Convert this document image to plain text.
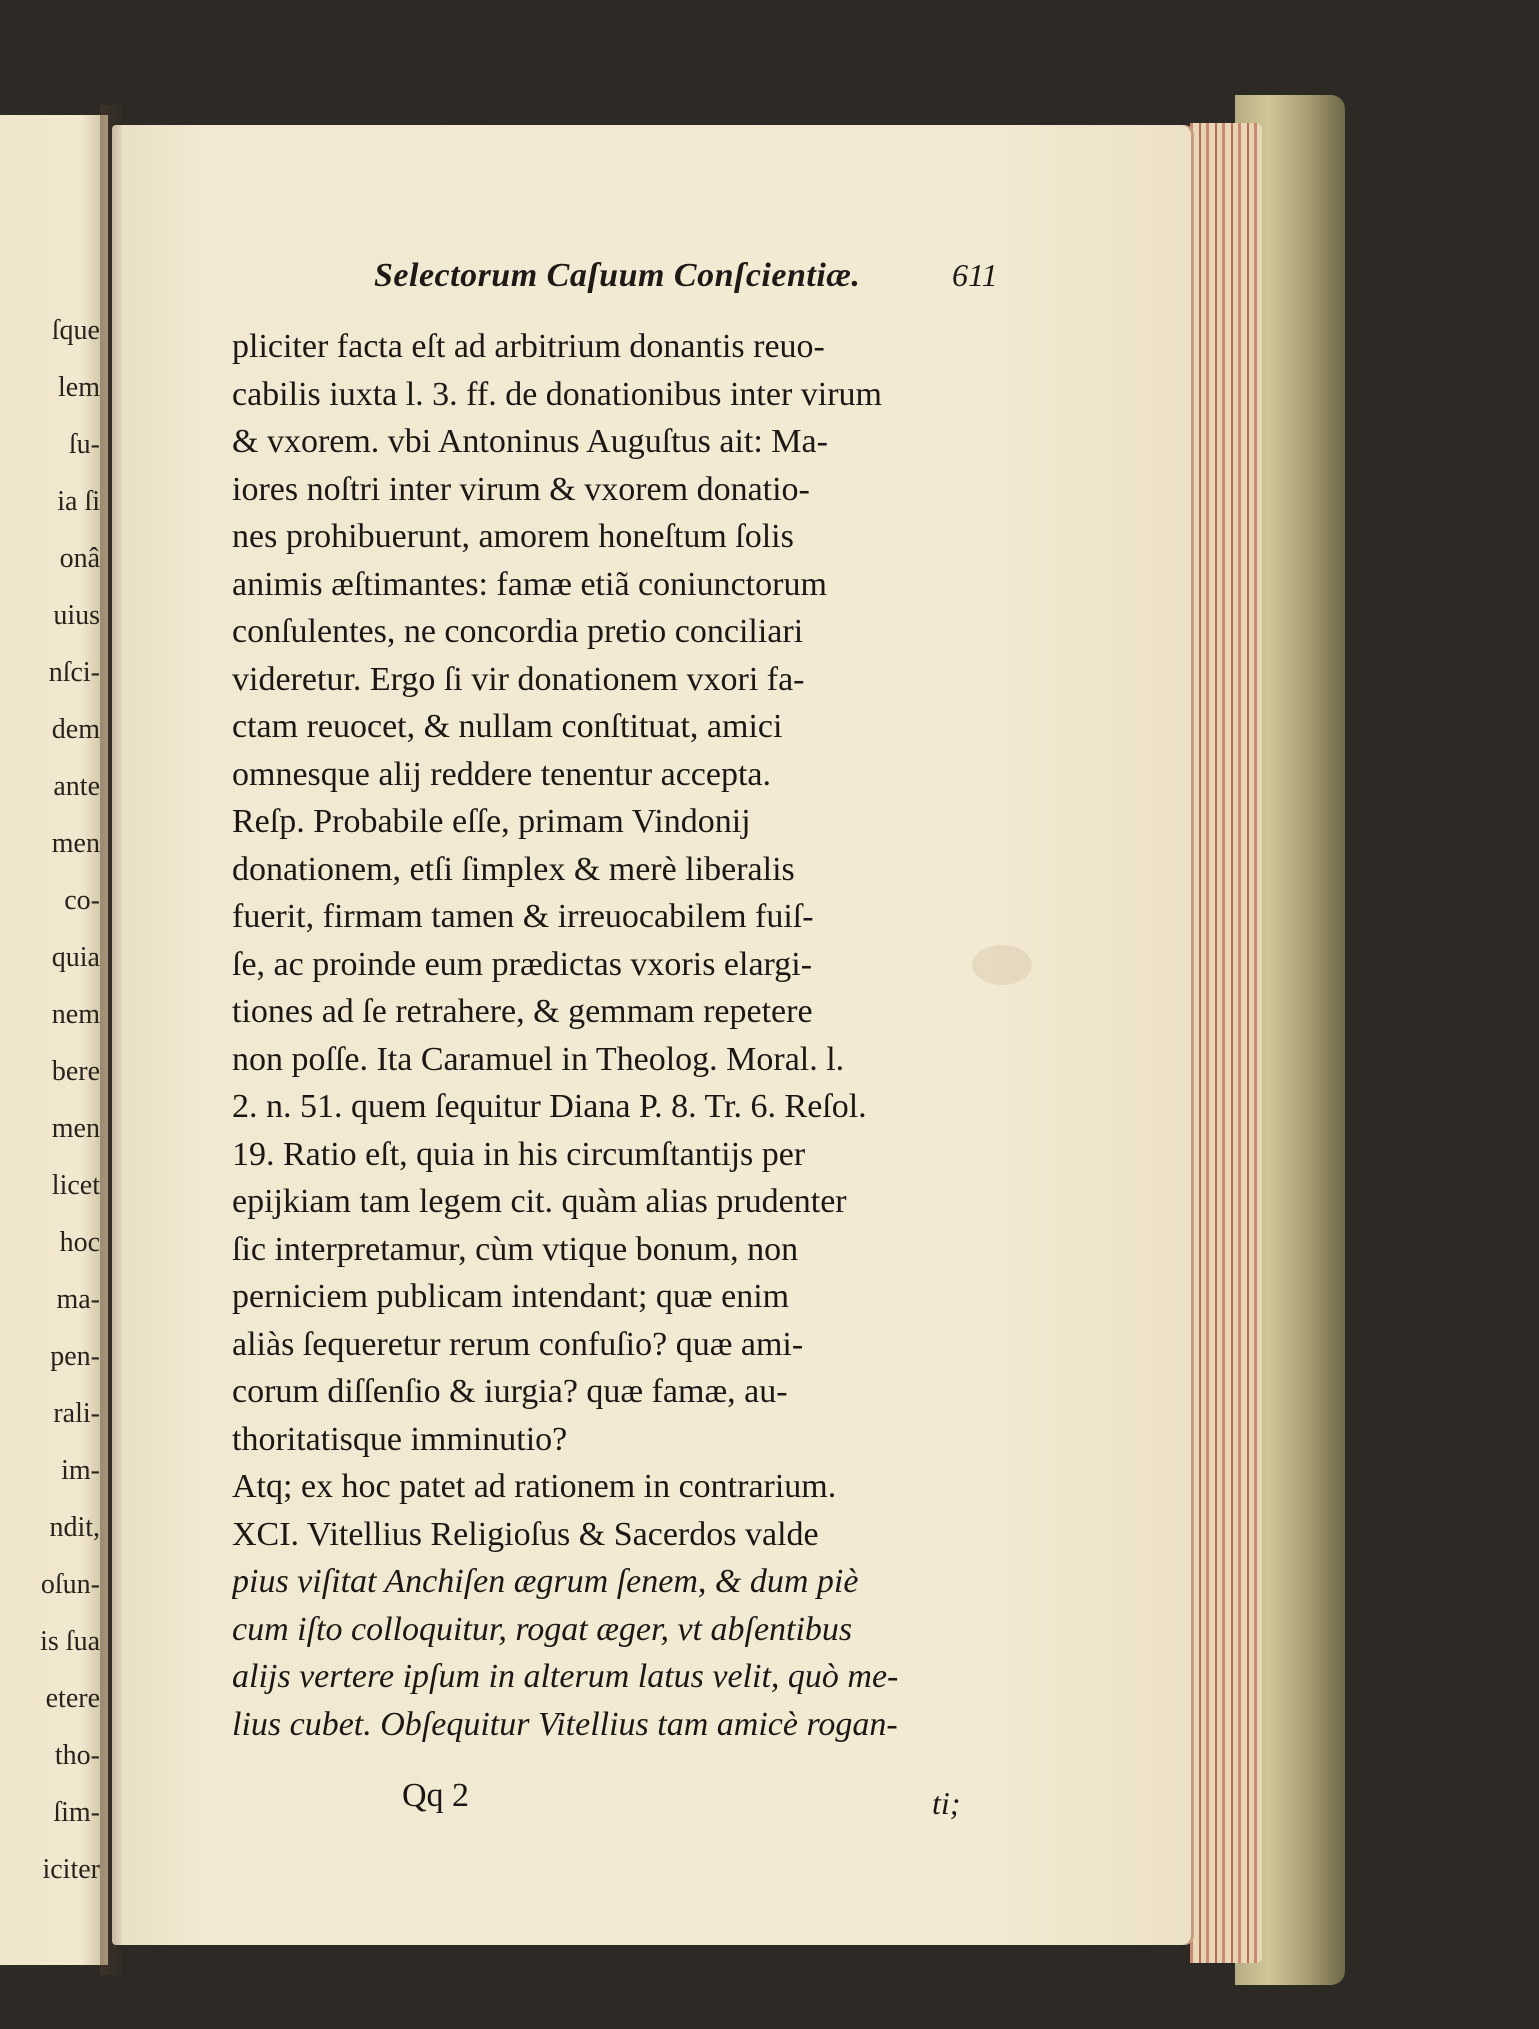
ſque
lem
ſu-
ia ſi
onâ
uius
nſci-
dem
ante
men
co-
quia
nem
bere
men
licet
hoc
ma-
pen-
rali-
im-
ndit,
oſun-
is ſua
etere
tho-
ſim-
iciter
Selectorum Caſuum Conſcientiæ.	611
pliciter facta eſt ad arbitrium donantis reuo-
cabilis iuxta l. 3. ff. de donationibus inter virum
& vxorem. vbi Antoninus Auguſtus ait: Ma-
iores noſtri inter virum & vxorem donatio-
nes prohibuerunt, amorem honeſtum ſolis
animis æſtimantes: famæ etiã coniunctorum
conſulentes, ne concordia pretio conciliari
videretur. Ergo ſi vir donationem vxori fa-
ctam reuocet, & nullam conſtituat, amici
omnesque alij reddere tenentur accepta.
Reſp. Probabile eſſe, primam Vindonij
donationem, etſi ſimplex & merè liberalis
fuerit, firmam tamen & irreuocabilem fuiſ-
ſe, ac proinde eum prædictas vxoris elargi-
tiones ad ſe retrahere, & gemmam repetere
non poſſe. Ita Caramuel in Theolog. Moral. l.
2. n. 51. quem ſequitur Diana P. 8. Tr. 6. Reſol.
19. Ratio eſt, quia in his circumſtantijs per
epijkiam tam legem cit. quàm alias prudenter
ſic interpretamur, cùm vtique bonum, non
perniciem publicam intendant; quæ enim
aliàs ſequeretur rerum confuſio? quæ ami-
corum diſſenſio & iurgia? quæ famæ, au-
thoritatisque imminutio?
Atq; ex hoc patet ad rationem in contrarium.
XCI. Vitellius Religioſus & Sacerdos valde
pius viſitat Anchiſen ægrum ſenem, & dum piè
cum iſto colloquitur, rogat æger, vt abſentibus
alijs vertere ipſum in alterum latus velit, quò me-
lius cubet. Obſequitur Vitellius tam amicè rogan-
Qq 2	ti;
